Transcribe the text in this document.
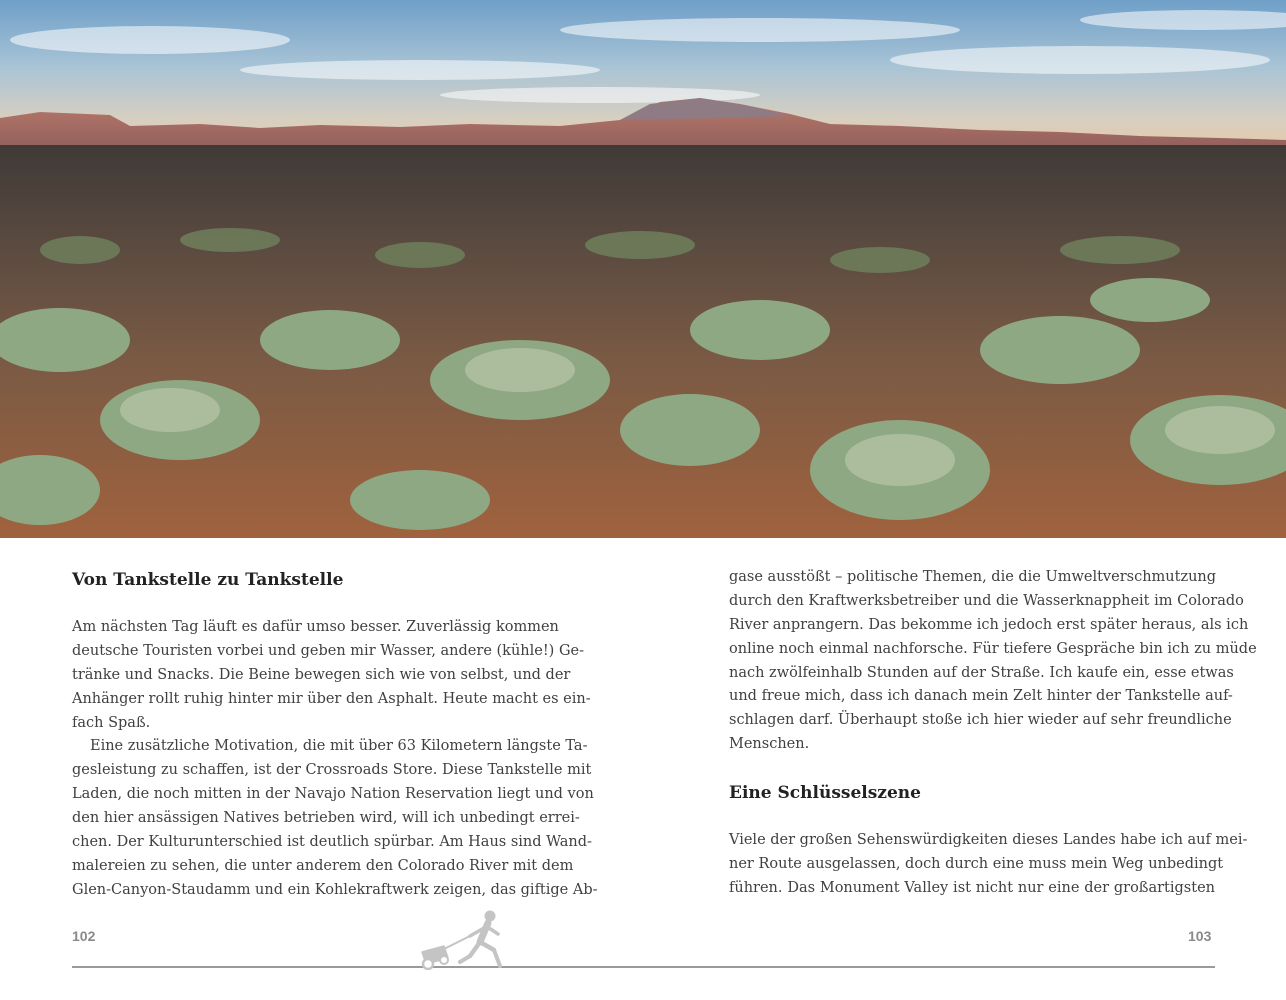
Von Tankstelle zu Tankstelle
Am nächsten Tag läuft es dafür umso besser. Zuverlässig kommen
deutsche Touristen vorbei und geben mir Wasser, andere (kühle!) Ge-
tränke und Snacks. Die Beine bewegen sich wie von selbst, und der
Anhänger rollt ruhig hinter mir über den Asphalt. Heute macht es ein-
fach Spaß.
Eine zusätzliche Motivation, die mit über 63 Kilometern längste Ta-
gesleistung zu schaffen, ist der Crossroads Store. Diese Tankstelle mit
Laden, die noch mitten in der Navajo Nation Reservation liegt und von
den hier ansässigen Natives betrieben wird, will ich unbedingt errei-
chen. Der Kulturunterschied ist deutlich spürbar. Am Haus sind Wand-
malereien zu sehen, die unter anderem den Colorado River mit dem
Glen-Canyon-Staudamm und ein Kohlekraftwerk zeigen, das giftige Ab-
gase ausstößt – politische Themen, die die Umweltverschmutzung
durch den Kraftwerksbetreiber und die Wasserknappheit im Colorado
River anprangern. Das bekomme ich jedoch erst später heraus, als ich
online noch einmal nachforsche. Für tiefere Gespräche bin ich zu müde
nach zwölfeinhalb Stunden auf der Straße. Ich kaufe ein, esse etwas
und freue mich, dass ich danach mein Zelt hinter der Tankstelle auf-
schlagen darf. Überhaupt stoße ich hier wieder auf sehr freundliche
Menschen.
Eine Schlüsselszene
Viele der großen Sehenswürdigkeiten dieses Landes habe ich auf mei-
ner Route ausgelassen, doch durch eine muss mein Weg unbedingt
führen. Das Monument Valley ist nicht nur eine der großartigsten
102	103
